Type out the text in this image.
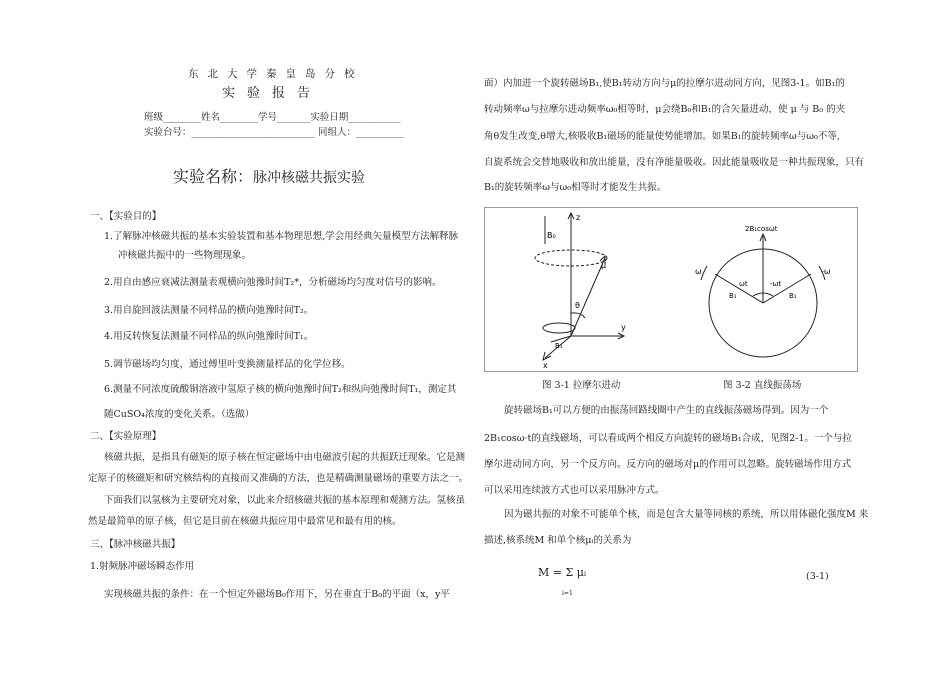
东北大学秦皇岛分校
实验报告
班级________姓名________学号_______实验日期___________
实验台号：__________________________ 同组人：__________
实验名称：脉冲核磁共振实验
一、【实验目的】
1.了解脉冲核磁共振的基本实验装置和基本物理思想,学会用经典矢量模型方法解释脉
冲核磁共振中的一些物理现象。
2.用自由感应衰减法测量表观横向弛豫时间T₂*，分析磁场均匀度对信号的影响。
3.用自旋回波法测量不同样品的横向弛豫时间T₂。
4.用反转恢复法测量不同样品的纵向弛豫时间T₁。
5.调节磁场均匀度，通过傅里叶变换测量样品的化学位移。
6.测量不同浓度硫酸铜溶液中氢原子核的横向弛豫时间T₂和纵向弛豫时间T₁，测定其
随CuSO₄浓度的变化关系。（选做）
二、【实验原理】
核磁共振，是指具有磁矩的原子核在恒定磁场中由电磁波引起的共振跃迁现象。它是测
定原子的核磁矩和研究核结构的直接而又准确的方法，也是精确测量磁场的重要方法之一。
下面我们以氢核为主要研究对象，以此来介绍核磁共振的基本原理和观测方法。氢核虽
然是最简单的原子核，但它是目前在核磁共振应用中最常见和最有用的核。
三、【脉冲核磁共振】
1.射频脉冲磁场瞬态作用
实现核磁共振的条件：在一个恒定外磁场B₀作用下，另在垂直于B₀的平面（x，y平
面）内加进一个旋转磁场B₁,使B₁转动方向与μ的拉摩尔进动同方向，见图3-1。如B₁的
转动频率ω与拉摩尔进动频率ω₀相等时，μ会绕B₀和B₁的合矢量进动，使 μ 与 B₀ 的夹
角θ发生改变,θ增大,核吸收B₁磁场的能量使势能增加。如果B₁的旋转频率ω与ω₀不等,
自旋系统会交替地吸收和放出能量，没有净能量吸收。因此能量吸收是一种共振现象，只有
B₁的旋转频率ω与ω₀相等时才能发生共振。
z
B₀
μ
θ
B₁
y
x
2B₁cosωt
ωt	-ωt
B₁	B₁
ω	-ω
图 3-1 拉摩尔进动	图 3-2 直线振荡场
旋转磁场B₁可以方便的由振荡回路线圈中产生的直线振荡磁场得到。因为一个
2B₁cosω·t的直线磁场，可以看成两个相反方向旋转的磁场B₁合成，见图2-1。一个与拉
摩尔进动同方向，另一个反方向。反方向的磁场对μ的作用可以忽略。旋转磁场作用方式
可以采用连续波方式也可以采用脉冲方式。
因为磁共振的对象不可能单个核，而是包含大量等同核的系统，所以用体磁化强度M 来
描述,核系统M 和单个核μᵢ的关系为
M = Σ μᵢ
i=1
(3-1)
